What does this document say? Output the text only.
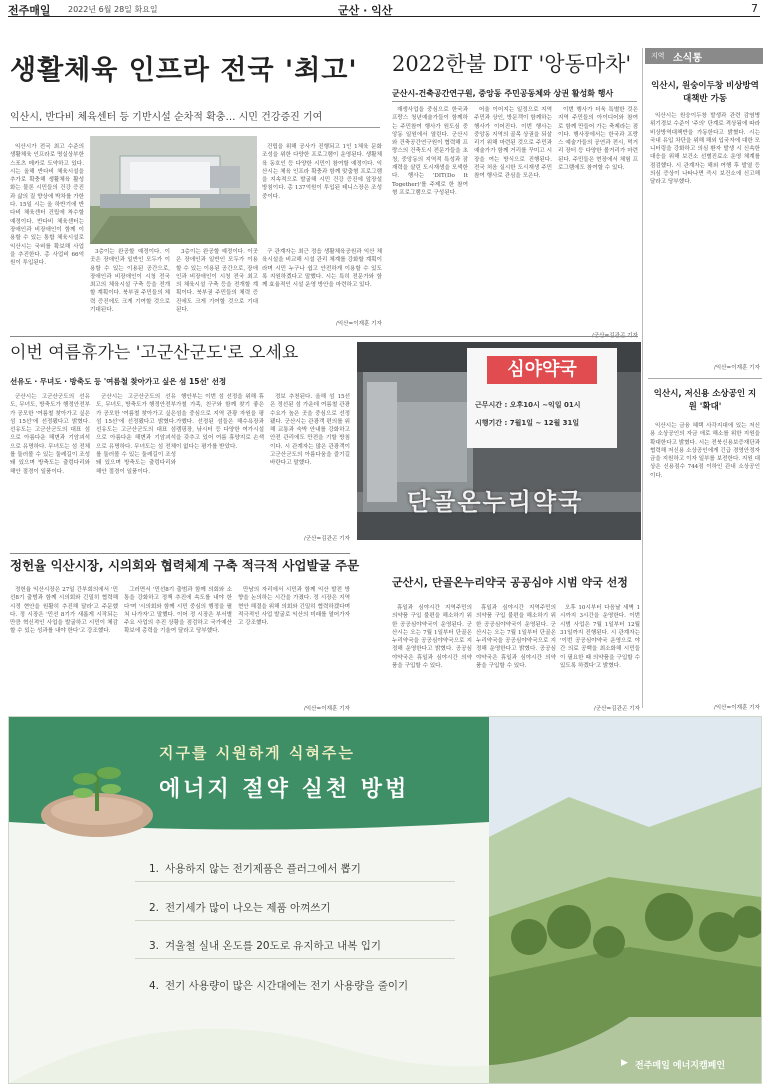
전주매일 2022년 6월 28일 화요일	군산 · 익산	7
생활체육 인프라 전국 '최고'
익산시, 반다비 체육센터 등 기반시설 순차적 확충… 시민 건강증진 기여

익산시가 전국 최고 수준의 생활체육 인프라로 명실상부한 스포츠 메카로 도약하고 있다. 시는 올해 반다비 체육시설을 추가로 확충해 생활체육 활성화는 물론 시민들의 건강 증진과 삶의 질 향상에 박차를 가한다. 15일 시는 올 하반기에 반다비 체육센터 건립에 착수할 예정이다. 반다비 체육센터는 장애인과 비장애인이 함께 이용할 수 있는 통합 체육시설로 익산시는 국비를 확보해 사업을 추진한다. 총 사업비 66억원이 투입된다.

3층이는 완공할 예정이다. 이곳은 장애인과 일반인 모두가 이용할 수 있는 이용된 공간으로, 장애인과 비장애인이 시청 전국 최고의 체육시설 구축 등을 전개할 계획이다. 북부권 주민들의 체력 증진에도 크게 기여할 것으로 기대된다.

3층이는 완공할 예정이다. 이곳은 장애인과 일반인 모두가 이용할 수 있는 이용된 공간으로, 장애인과 비장애인이 시청 전국 최고의 체육시설 구축 등을 전개할 계획이다. 북부권 주민들의 체력 증진에도 크게 기여할 것으로 기대된다.

건립을 위해 공사가 진행되고 1인 1체육 문화 조성을 위한 다양한 프로그램이 운영된다. 생활체육 동호인 등 다양한 시민이 참여할 예정이다. 익산시는 체육 인프라 확충과 함께 맞춤형 프로그램을 지속적으로 발굴해 시민 건강 증진에 앞장설 방침이다. 총 137억원이 투입된 테니스장은 조성 중이다.

구 관계자는 최근 정읍 생활체육공원과 익산 체육시설을 비교해 시설 관리 체계를 강화할 계획이라며 시민 누구나 쉽고 안전하게 이용할 수 있도록 지원하겠다고 말했다. 시는 특히 전문가와 함께 효율적인 시설 운영 방안을 마련하고 있다.

/익산=이재훈 기자
2022한불 DIT '앙동마차'
군산시-건축공간연구원, 중앙동 주민공동체와 상권 활성화 행사

재생사업을 중심으로 한국과 프랑스 청년예술가들이 함께하는 주민참여 행사가 원도심 중앙동 일원에서 열린다. 군산시와 건축공간연구원이 협력해 프랑스의 건축도시 전문가들을 초청, 중앙동의 지역적 특성과 잠재력을 살린 도시재생을 모색한다. 행사는 'DIT(Do It Together)'를 주제로 한 참여형 프로그램으로 구성된다.

어울 이어지는 일정으로 지역 주민과 상인, 방문객이 함께하는 행사가 이어진다. 이번 행사는 중앙동 지역의 골목 상권을 되살리기 위해 마련된 것으로 주민과 예술가가 함께 거리를 꾸미고 시장을 여는 방식으로 진행된다. 전국 처음 실시한 도시재생 주민 참여 행사로 관심을 모은다.

이번 행사가 더욱 특별한 것은 지역 주민들의 아이디어와 참여로 함께 만들어 가는 축제라는 점이다. 행사장에서는 한국과 프랑스 예술가들의 공연과 전시, 먹거리 장터 등 다양한 볼거리가 마련된다. 주민들은 현장에서 체험 프로그램에도 참여할 수 있다.

지역 소식통
익산시, 원숭이두창 비상방역대책반 가동

익산시는 원숭이두창 발생과 관련 감염병 위기경보 수준이 '주의' 단계로 격상됨에 따라 비상방역대책반을 가동한다고 밝혔다. 시는 국내 유입 차단을 위해 해외 입국자에 대한 모니터링을 강화하고 의심 환자 발생 시 신속한 대응을 위해 보건소 선별진료소 운영 체계를 점검했다. 시 관계자는 해외 여행 후 발열 등 의심 증상이 나타나면 즉시 보건소에 신고해 달라고 당부했다.

/익산=이재훈 기자
익산시, 저신용 소상공인 지원 '확대'

익산시는 금융 혜택 사각지대에 있는 저신용 소상공인의 자금 애로 해소를 위한 지원을 확대한다고 밝혔다. 시는 전북신용보증재단과 협력해 저신용 소상공인에게 긴급 경영안정자금을 지원하고 이자 일부를 보전한다. 지원 대상은 신용점수 744점 이하인 관내 소상공인이다.

/익산=이재훈 기자
이번 여름휴가는 '고군산군도'로 오세요
선유도 · 무녀도 · 방축도 등 '여름철 찾아가고 싶은 섬 15선' 선정

군산시는 고군산군도의 선유도, 무녀도, 방축도가 행정안전부가 공모한 '여름철 찾아가고 싶은 섬 15선'에 선정됐다고 밝혔다. 선유도는 고군산군도의 대표 섬으로 아름다운 해변과 기암괴석으로 유명하다. 무녀도는 섬 전체를 둘러볼 수 있는 둘레길이 조성돼 있으며 방축도는 출렁다리와 해안 절경이 일품이다.

군산시는 고군산군도의 선유도, 무녀도, 방축도가 행정안전부가 공모한 '여름철 찾아가고 싶은 섬 15선'에 선정됐다고 밝혔다. 선유도는 고군산군도의 대표 섬으로 아름다운 해변과 기암괴석으로 유명하다. 무녀도는 섬 전체를 둘러볼 수 있는 둘레길이 조성돼 있으며 방축도는 출렁다리와 해안 절경이 일품이다.

행안부는 이번 섬 선정을 위해 휴가철 가족, 친구와 함께 찾기 좋은 섬을 중심으로 지역 관광 자원을 평가했다. 선정된 섬들은 해수욕장과 캠핑장, 낚시터 등 다양한 여가시설을 갖추고 있어 여름 휴양지로 손색이 없다는 평가를 받았다.

정보 추천된다. 올해 섬 15선은 정선된 섬 가운데 여름철 관광 수요가 높은 곳을 중심으로 선정됐다. 군산시는 관광객 편의를 위해 교통과 숙박 안내를 강화하고 안전 관리에도 만전을 기할 방침이다. 시 관계자는 많은 관광객이 고군산군도의 아름다움을 즐기길 바란다고 말했다.

/군산=김관곤 기자
심야약국
근무시간 : 오후10시 ~익일 01시
시행기간 : 7월1일 ~ 12월 31일
단골온누리약국
정헌율 익산시장, 시의회와 협력체계 구축 적극적 사업발굴 주문

정헌율 익산시장은 27일 간부회의에서 '민선8기 출범과 함께 시의회와 긴밀히 협력해 시정 현안을 원활히 추진해 달라'고 주문했다. 정 시장은 '민선 8기가 새롭게 시작되는 만큼 혁신적인 사업을 발굴하고 시민이 체감할 수 있는 성과를 내야 한다'고 강조했다.

그러면서 '민선8기 출범과 함께 의회와 소통을 강화하고 정책 추진에 속도를 내야 한다'며 '시의회와 함께 시민 중심의 행정을 펼쳐 나가자'고 말했다. 이어 정 시장은 부서별 주요 사업의 추진 상황을 점검하고 국가예산 확보에 총력을 기울여 달라고 당부했다.

만남의 자리에서 시민과 함께 익산 발전 방향을 논의하는 시간을 가졌다. 정 시장은 지역 현안 해결을 위해 의회와 긴밀히 협력하겠다며 적극적인 사업 발굴로 익산의 미래를 열어가자고 강조했다.

/익산=이재훈 기자
군산시, 단골온누리약국 공공심야 시범 약국 선정

휴일과 심야시간 지역주민의 의약품 구입 불편을 해소하기 위한 공공심야약국이 운영된다. 군산시는 오는 7월 1일부터 단골온누리약국을 공공심야약국으로 지정해 운영한다고 밝혔다. 공공심야약국은 휴일과 심야시간 의약품을 구입할 수 있다.

휴일과 심야시간 지역주민의 의약품 구입 불편을 해소하기 위한 공공심야약국이 운영된다. 군산시는 오는 7월 1일부터 단골온누리약국을 공공심야약국으로 지정해 운영한다고 밝혔다. 공공심야약국은 휴일과 심야시간 의약품을 구입할 수 있다.

오후 10시부터 다음날 새벽 1시까지 3시간을 운영한다. 이번 시범 사업은 7월 1일부터 12월 31일까지 진행된다. 시 관계자는 '이번 공공심야약국 운영으로 야간 의료 공백을 최소화해 시민들이 필요한 때 의약품을 구입할 수 있도록 하겠다'고 밝혔다.

/군산=김관곤 기자
지구를 시원하게 식혀주는
에너지 절약 실천 방법
1. 사용하지 않는 전기제품은 플러그에서 뽑기
2. 전기세가 많이 나오는 제품 아껴쓰기
3. 겨울철 실내 온도를 20도로 유지하고 내복 입기
4. 전기 사용량이 많은 시간대에는 전기 사용량을 줄이기
▶ 전주매일 에너지캠페인
